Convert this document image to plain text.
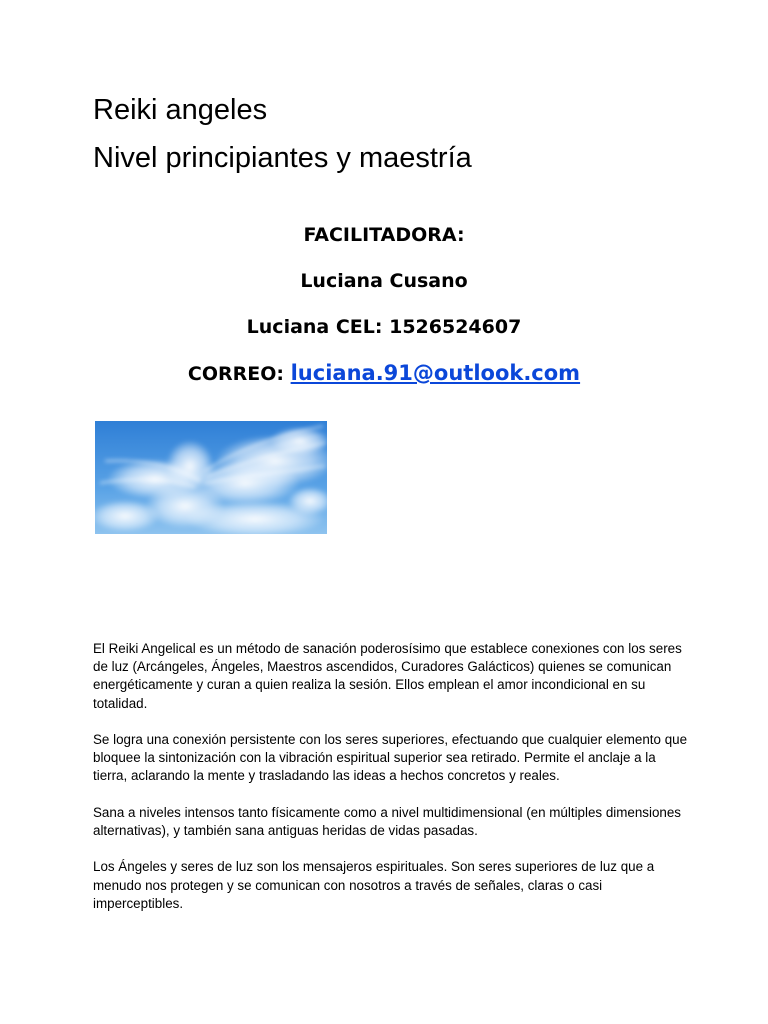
Reiki angeles
Nivel principiantes y maestría
FACILITADORA:
Luciana Cusano
Luciana CEL: 1526524607
CORREO: luciana.91@outlook.com

El Reiki Angelical es un método de sanación poderosísimo que establece conexiones con los seres de luz (Arcángeles, Ángeles, Maestros ascendidos, Curadores Galácticos) quienes se comunican energéticamente y curan a quien realiza la sesión. Ellos emplean el amor incondicional en su totalidad.

Se logra una conexión persistente con los seres superiores, efectuando que cualquier elemento que bloquee la sintonización con la vibración espiritual superior sea retirado. Permite el anclaje a la tierra, aclarando la mente y trasladando las ideas a hechos concretos y reales.

Sana a niveles intensos tanto físicamente como a nivel multidimensional (en múltiples dimensiones alternativas), y también sana antiguas heridas de vidas pasadas.

Los Ángeles y seres de luz son los mensajeros espirituales. Son seres superiores de luz que a menudo nos protegen y se comunican con nosotros a través de señales, claras o casi imperceptibles.
